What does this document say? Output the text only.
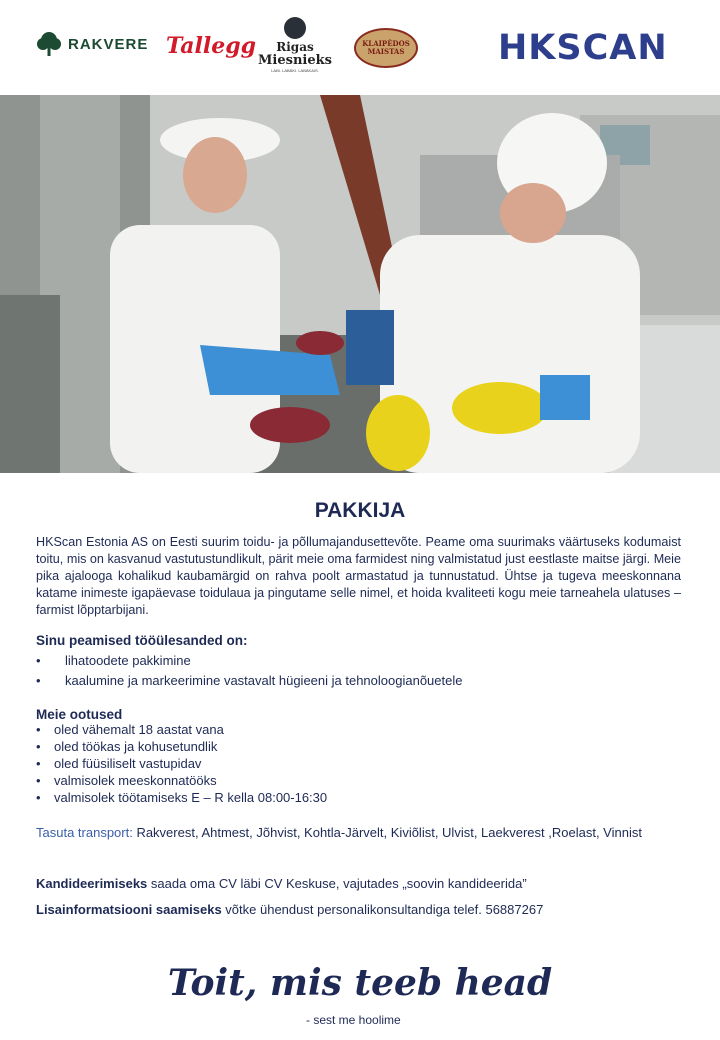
RAKVERE Tallegg Rigas
Miesnieks
LABI. LABĀKI. LABĀKAIS.
KLAIPĖDOS
MAISTAS	HKSCAN
PAKKIJA

HKScan Estonia AS on Eesti suurim toidu- ja põllumajandusettevõte. Peame oma suurimaks väärtuseks kodumaist toitu, mis on kasvanud vastutustundlikult, pärit meie oma farmidest ning valmistatud just eestlaste maitse järgi. Meie pika ajalooga kohalikud kaubamärgid on rahva poolt armastatud ja tunnustatud. Ühtse ja tugeva meeskonnana katame inimeste igapäevase toidulaua ja pingutame selle nimel, et hoida kvaliteeti kogu meie tarneahela ulatuses – farmist lõpptarbijani.

Sinu peamised tööülesanded on:

• lihatoodete pakkimine
• kaalumine ja markeerimine vastavalt hügieeni ja tehnoloogianõuetele

Meie ootused

• oled vähemalt 18 aastat vana
• oled töökas ja kohusetundlik
• oled füüsiliselt vastupidav
• valmisolek meeskonnatööks
• valmisolek töötamiseks E – R kella 08:00-16:30

Tasuta transport: Rakverest, Ahtmest, Jõhvist, Kohtla-Järvelt, Kiviõlist, Ulvist, Laekverest ,Roelast, Vinnist

Kandideerimiseks saada oma CV läbi CV Keskuse, vajutades „soovin kandideerida”

Lisainformatsiooni saamiseks võtke ühendust personalikonsultandiga telef. 56887267

Toit, mis teeb head
- sest me hoolime
